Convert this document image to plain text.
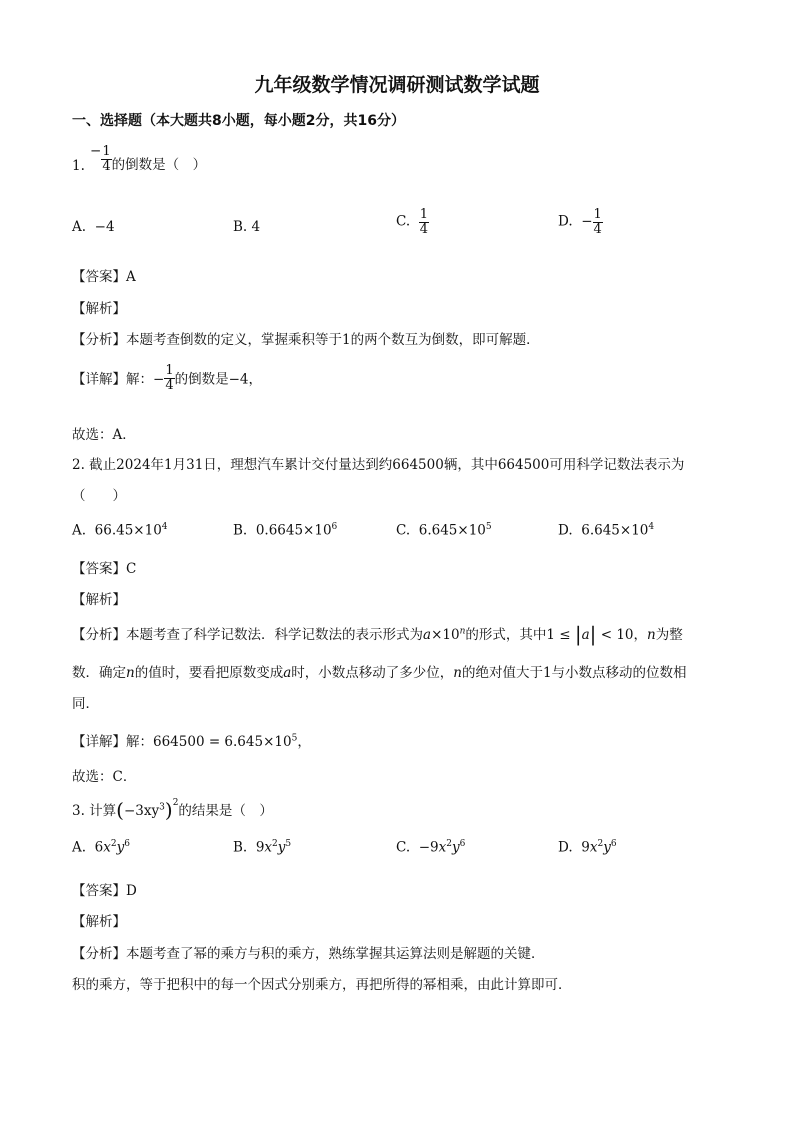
九年级数学情况调研测试数学试题
一、选择题（本大题共8小题，每小题2分，共16分）
$1.- \frac{1}{4}$ 的倒数是（　）
A. −4	B. 4	C. $\frac{1}{4}$	D. − $\frac{1}{4}$
【答案】A
【解析】
【分析】本题考查倒数的定义，掌握乘积等于1的两个数互为倒数，即可解题．
【详解】解：− $\frac{1}{4}$ 的倒数是−4，
故选：A．
2. 截止2024年1月31日，理想汽车累计交付量达到约664500辆，其中664500可用科学记数法表示为
（　　）
A. $66.45\times 10^4$	B. $0.6645\times 10^6$	C. $6.645\times 10^5$	D. $6.645\times 10^4$
【答案】C
【解析】
【分析】本题考查了科学记数法．科学记数法的表示形式为$a\times 10^n$的形式，其中1 ≤ |a| < 10，n为整
数．确定n的值时，要看把原数变成a时，小数点移动了多少位，n的绝对值大于1与小数点移动的位数相
同．
【详解】解：$664500 = 6.645\times 10^5$，
故选：C．
3. 计算$(-3xy^3)^2$的结果是（　）
A. $6x^2y^6$	B. $9x^2y^5$	C. $-9x^2y^6$	D. $9x^2y^6$
【答案】D
【解析】
【分析】本题考查了幂的乘方与积的乘方，熟练掌握其运算法则是解题的关键．
积的乘方，等于把积中的每一个因式分别乘方，再把所得的幂相乘，由此计算即可．
